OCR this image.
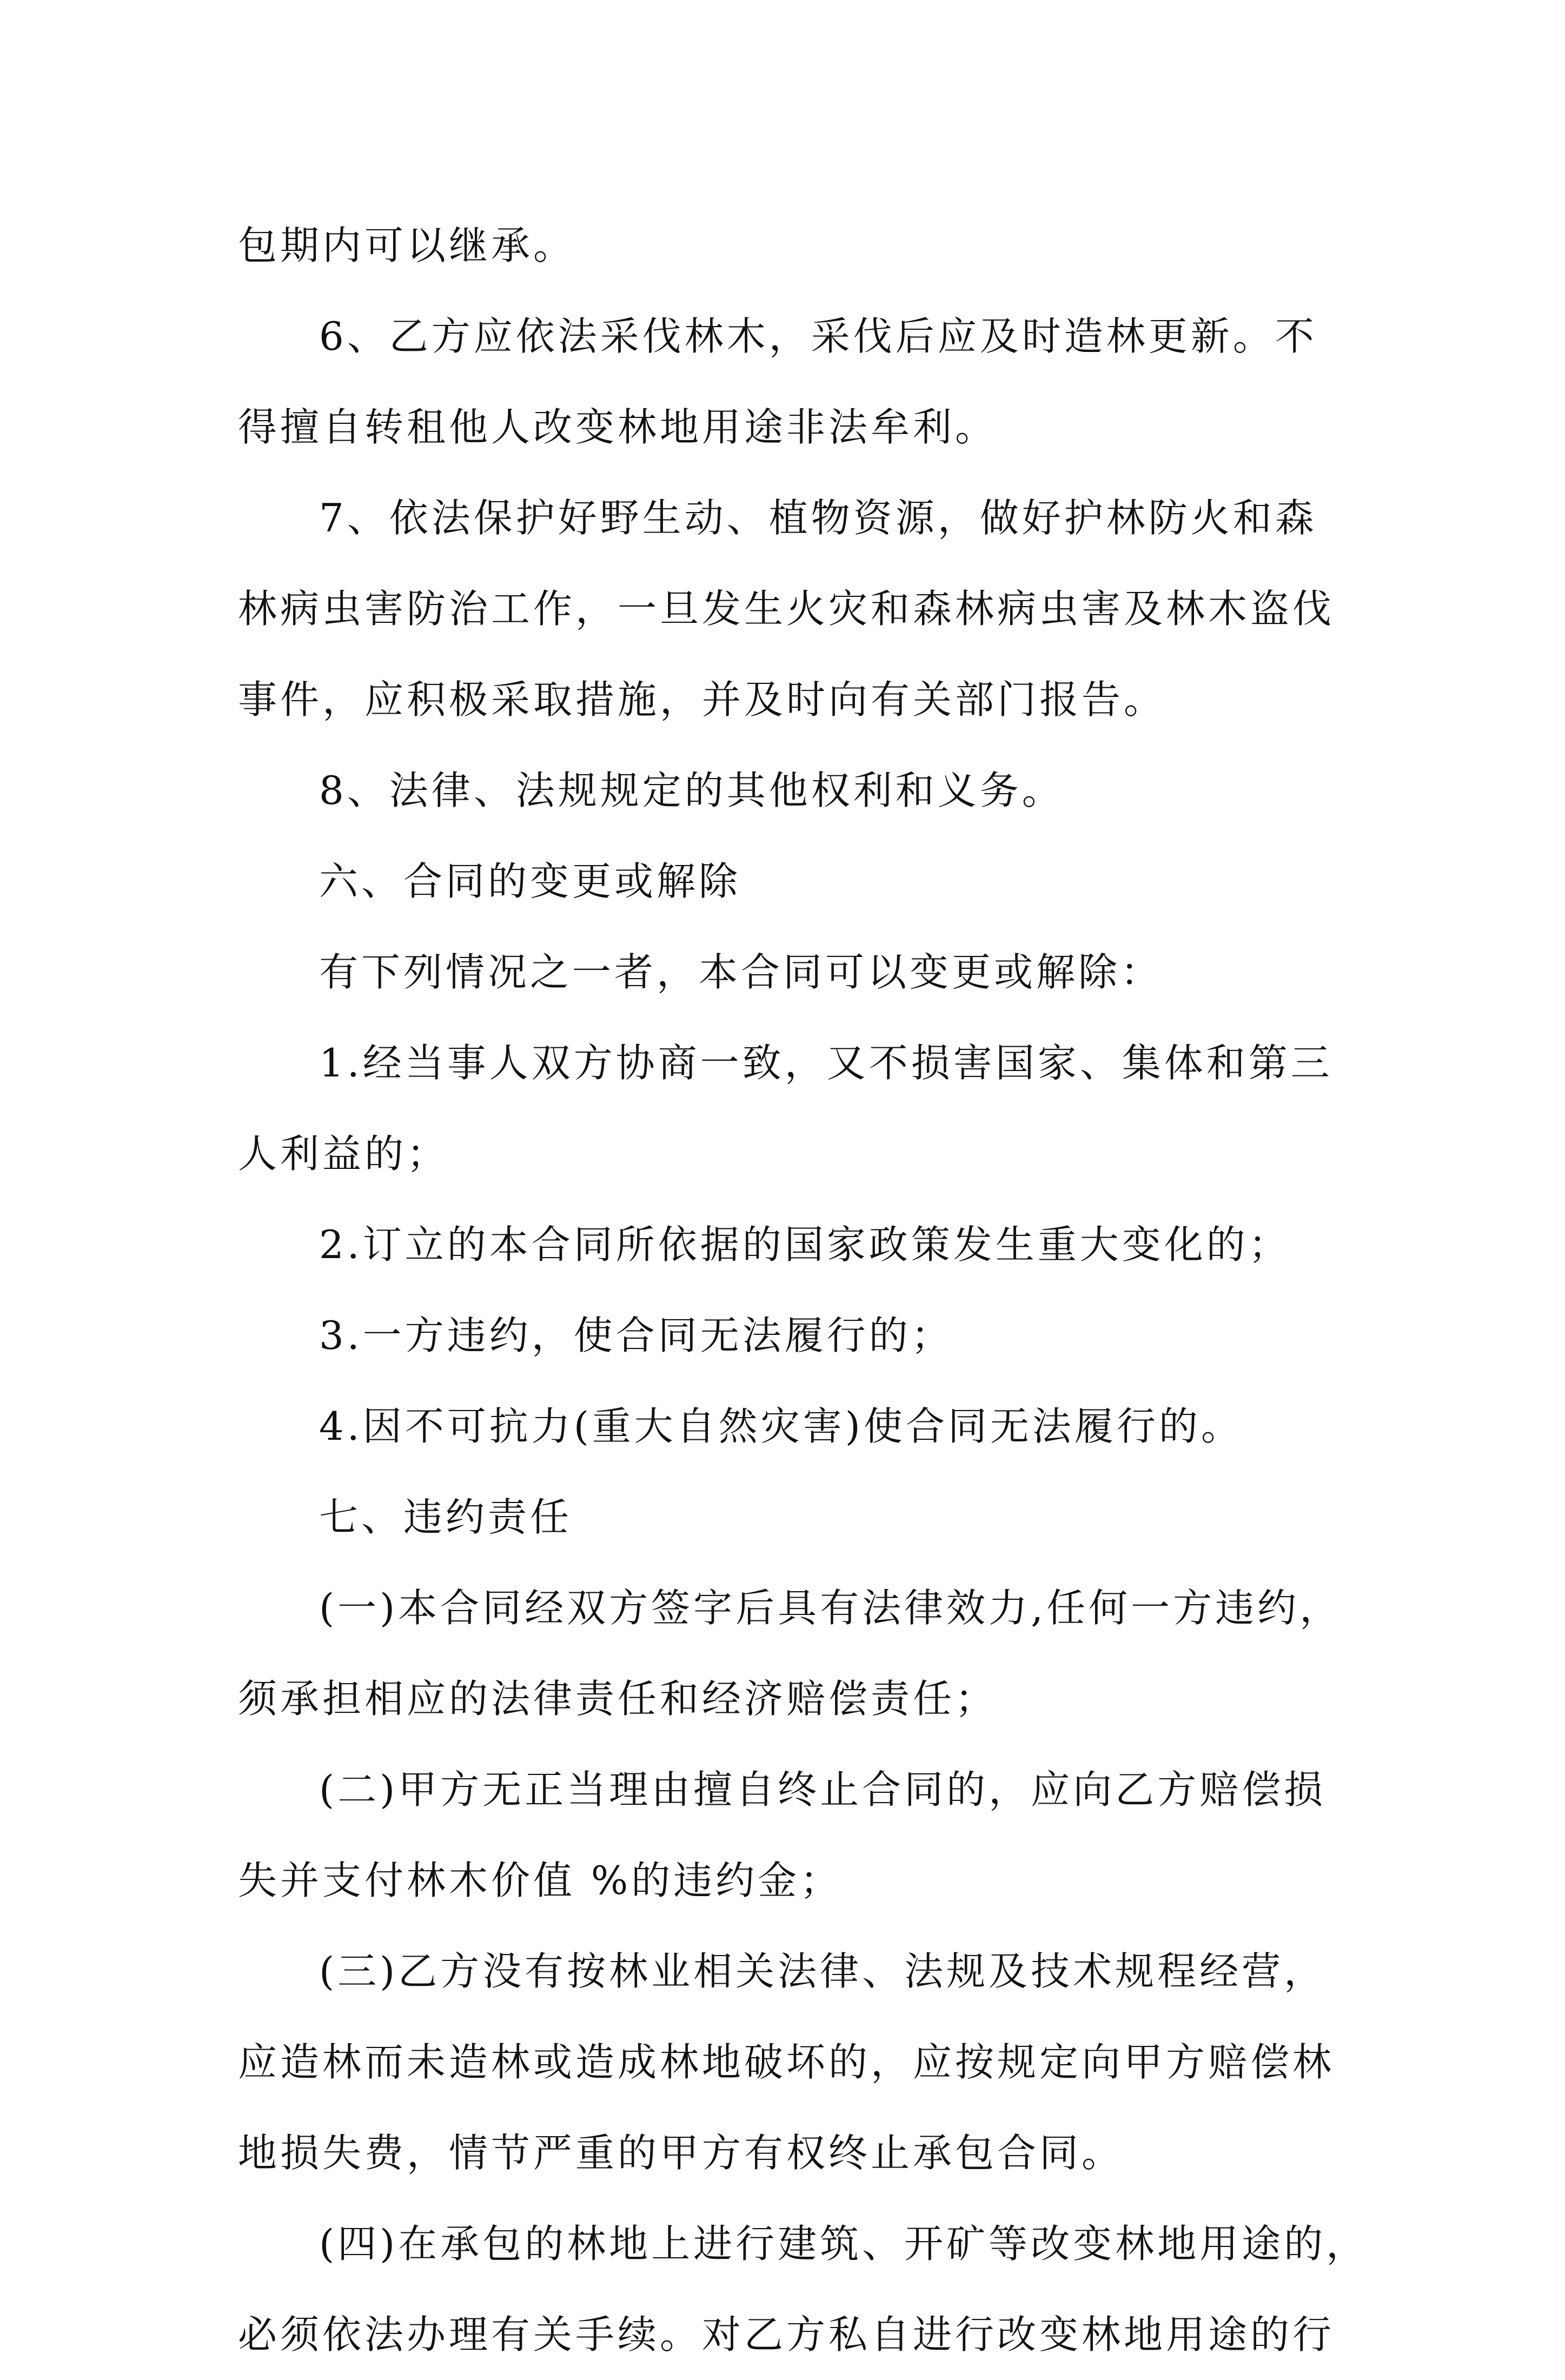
包期内可以继承。
6、乙方应依法采伐林木，采伐后应及时造林更新。不
得擅自转租他人改变林地用途非法牟利。
7、依法保护好野生动、植物资源，做好护林防火和森
林病虫害防治工作，一旦发生火灾和森林病虫害及林木盗伐
事件，应积极采取措施，并及时向有关部门报告。
8、法律、法规规定的其他权利和义务。
六、合同的变更或解除
有下列情况之一者，本合同可以变更或解除：
1.经当事人双方协商一致，又不损害国家、集体和第三
人利益的；
2.订立的本合同所依据的国家政策发生重大变化的；
3.一方违约，使合同无法履行的；
4.因不可抗力(重大自然灾害)使合同无法履行的。
七、违约责任
(一)本合同经双方签字后具有法律效力,任何一方违约，
须承担相应的法律责任和经济赔偿责任；
(二)甲方无正当理由擅自终止合同的，应向乙方赔偿损
失并支付林木价值 %的违约金；
(三)乙方没有按林业相关法律、法规及技术规程经营，
应造林而未造林或造成林地破坏的，应按规定向甲方赔偿林
地损失费，情节严重的甲方有权终止承包合同。
(四)在承包的林地上进行建筑、开矿等改变林地用途的，
必须依法办理有关手续。对乙方私自进行改变林地用途的行
